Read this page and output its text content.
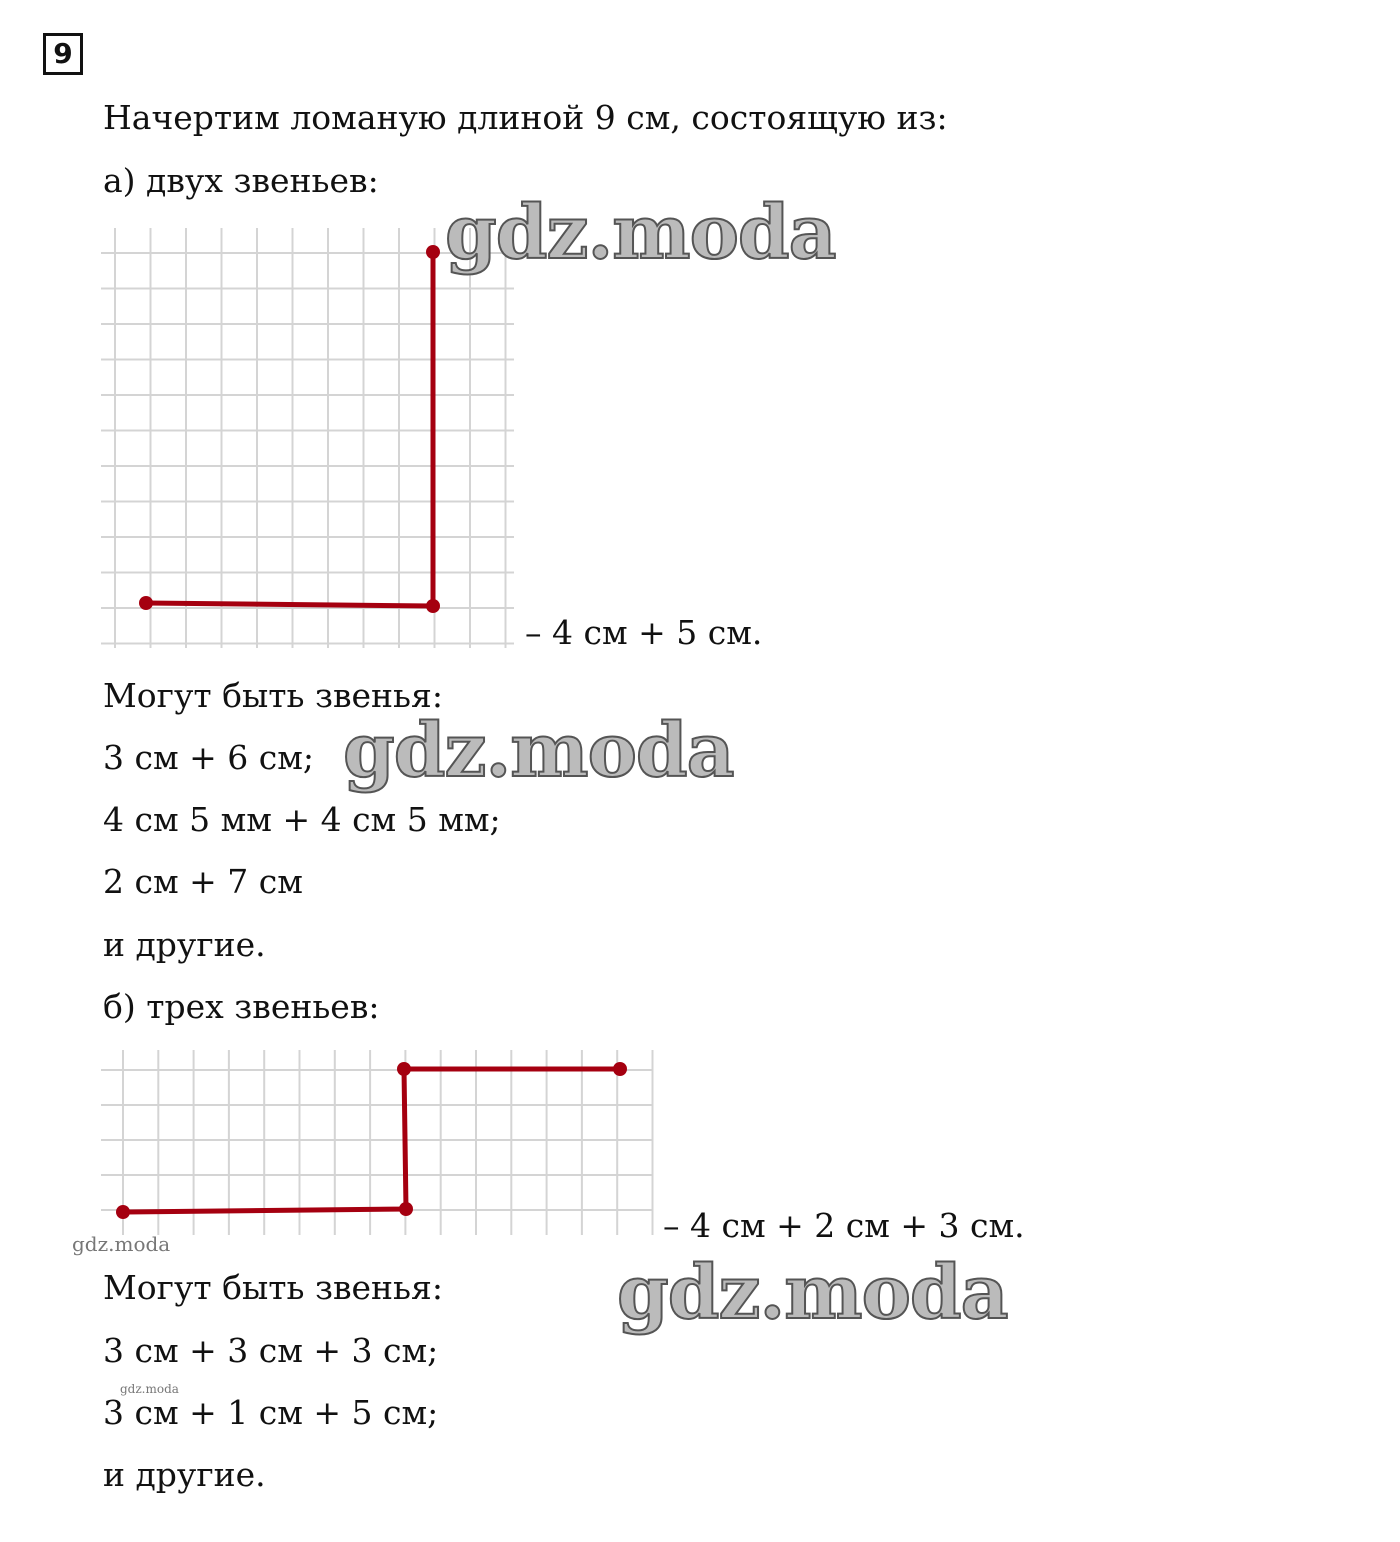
9
Начертим ломаную длиной 9 см, состоящую из:
а) двух звеньев:
– 4 см + 5 см.
Могут быть звенья:
3 см + 6 см;
4 см 5 мм + 4 см 5 мм;
2 см + 7 см
и другие.
б) трех звеньев:
– 4 см + 2 см + 3 см.
Могут быть звенья:
3 см + 3 см + 3 см;
3 см + 1 см + 5 см;
и другие.
gdz.moda
gdz.moda
gdz.moda
gdz.moda
gdz.moda
